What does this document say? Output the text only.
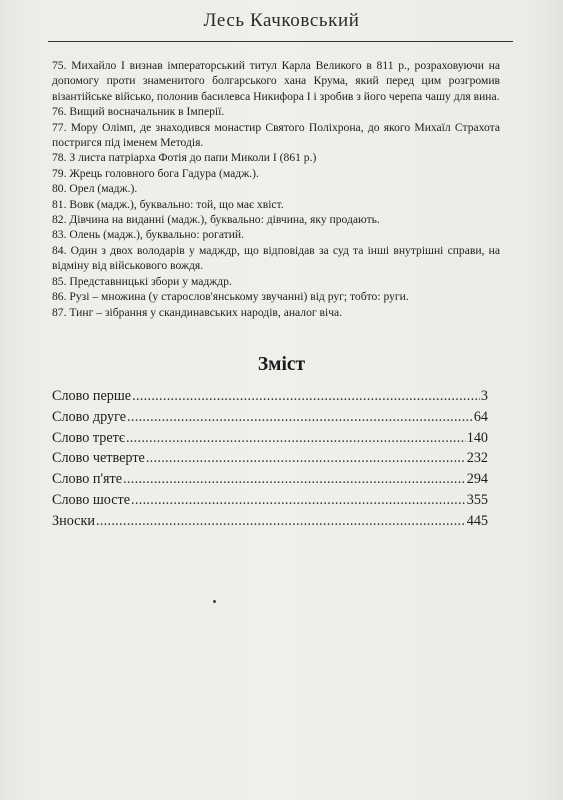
Лесь Качковський
75. Михайло I визнав імператорський титул Карла Великого в 811 р., розраховуючи на допомогу проти знаменитого болгарського хана Крума, який перед цим розгромив візантійське військо, полонив басилевса Никифора I і зробив з його черепа чашу для вина.
76. Вищий восначальник в Імперії.
77. Мору Олімп, де знаходився монастир Святого Поліхрона, до якого Михаїл Страхота постригся під іменем Методія.
78. З листа патріарха Фотія до папи Миколи I (861 р.)
79. Жрець головного бога Гадура (мадж.).
80. Орел (мадж.).
81. Вовк (мадж.), буквально: той, що має хвіст.
82. Дівчина на виданні (мадж.), буквально: дівчина, яку продають.
83. Олень (мадж.), буквально: рогатий.
84. Один з двох володарів у мадждр, що відповідав за суд та інші внутрішні справи, на відміну від військового вождя.
85. Представницькі збори у мадждр.
86. Рузі – множина (у старослов'янському звучанні) від руг; тобто: руги.
87. Тинг – зібрання у скандинавських народів, аналог віча.
Зміст
Слово перше .....	3
Слово друге .....	64
Слово третє .....	140
Слово четверте .....	232
Слово п'яте .....	294
Слово шосте .....	355
Зноски .....	445
